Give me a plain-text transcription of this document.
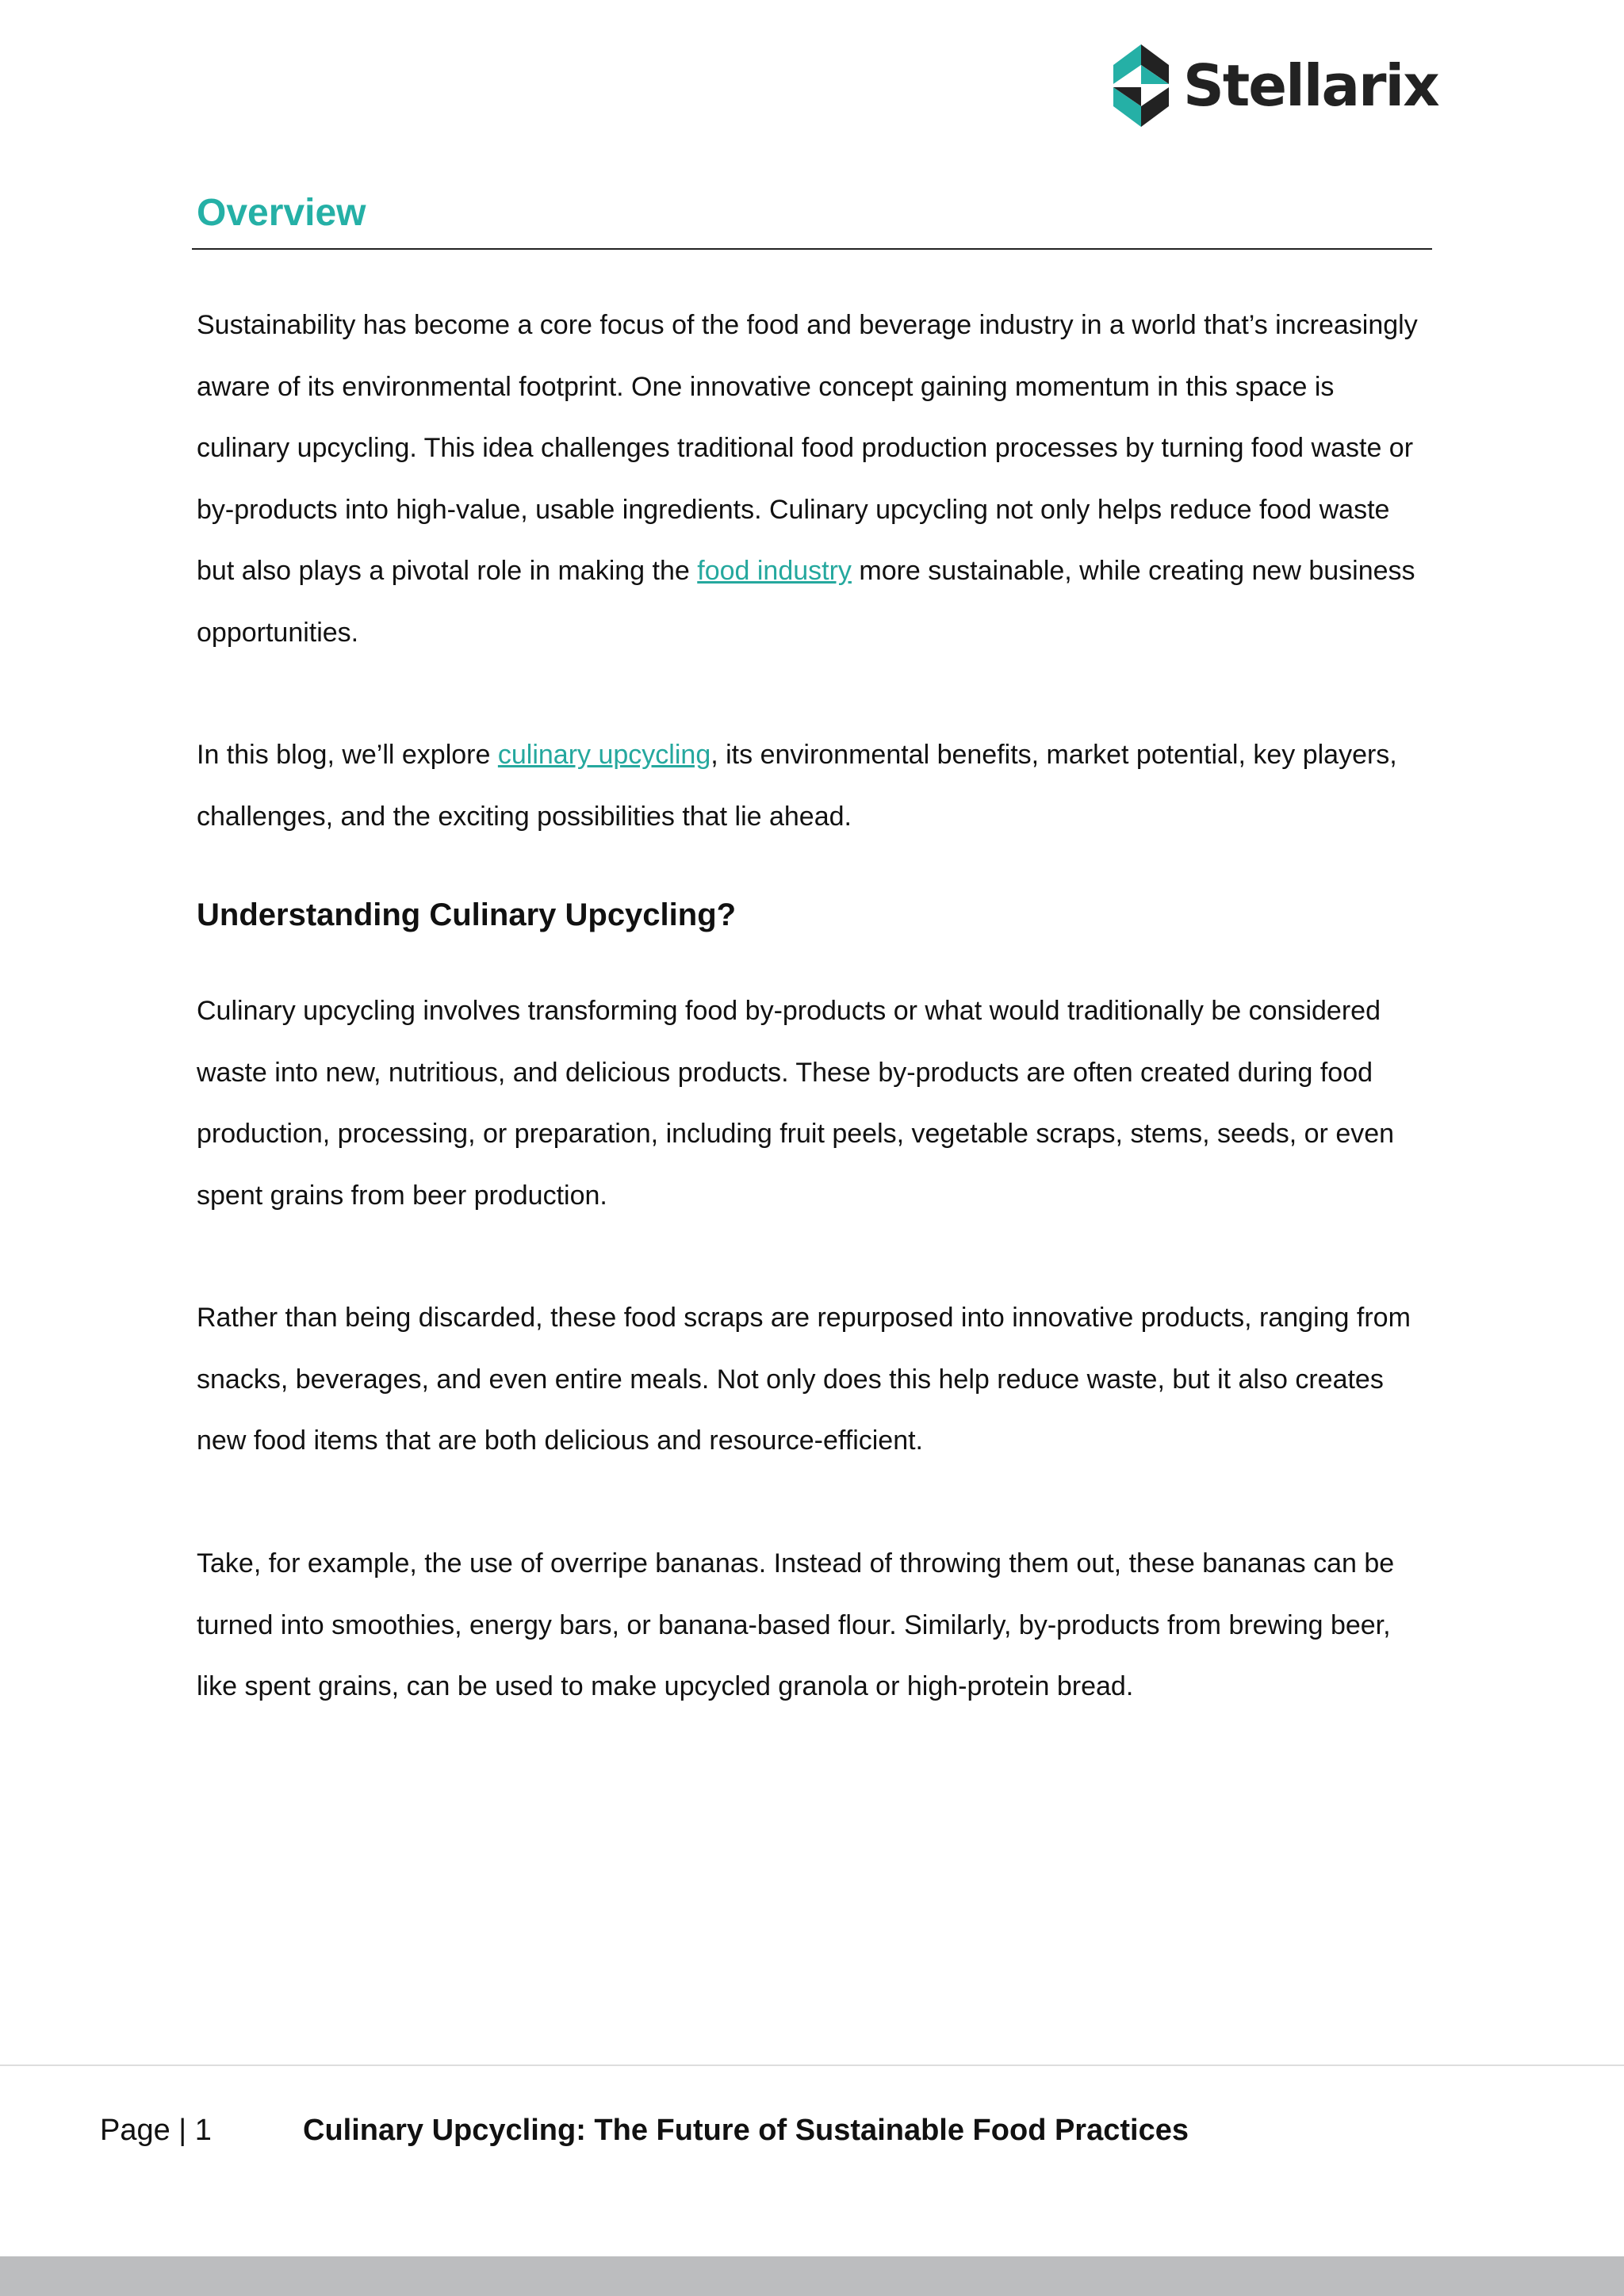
Stellarix
Overview

Sustainability has become a core focus of the food and beverage industry in a world that’s increasingly aware of its environmental footprint. One innovative concept gaining momentum in this space is culinary upcycling. This idea challenges traditional food production processes by turning food waste or by-products into high-value, usable ingredients. Culinary upcycling not only helps reduce food waste but also plays a pivotal role in making the food industry more sustainable, while creating new business opportunities.

In this blog, we’ll explore culinary upcycling, its environmental benefits, market potential, key players, challenges, and the exciting possibilities that lie ahead.

Understanding Culinary Upcycling?

Culinary upcycling involves transforming food by-products or what would traditionally be considered waste into new, nutritious, and delicious products. These by-products are often created during food production, processing, or preparation, including fruit peels, vegetable scraps, stems, seeds, or even spent grains from beer production.

Rather than being discarded, these food scraps are repurposed into innovative products, ranging from snacks, beverages, and even entire meals. Not only does this help reduce waste, but it also creates new food items that are both delicious and resource-efficient.

Take, for example, the use of overripe bananas. Instead of throwing them out, these bananas can be turned into smoothies, energy bars, or banana-based flour. Similarly, by-products from brewing beer, like spent grains, can be used to make upcycled granola or high-protein bread.

Page | 1	Culinary Upcycling: The Future of Sustainable Food Practices
